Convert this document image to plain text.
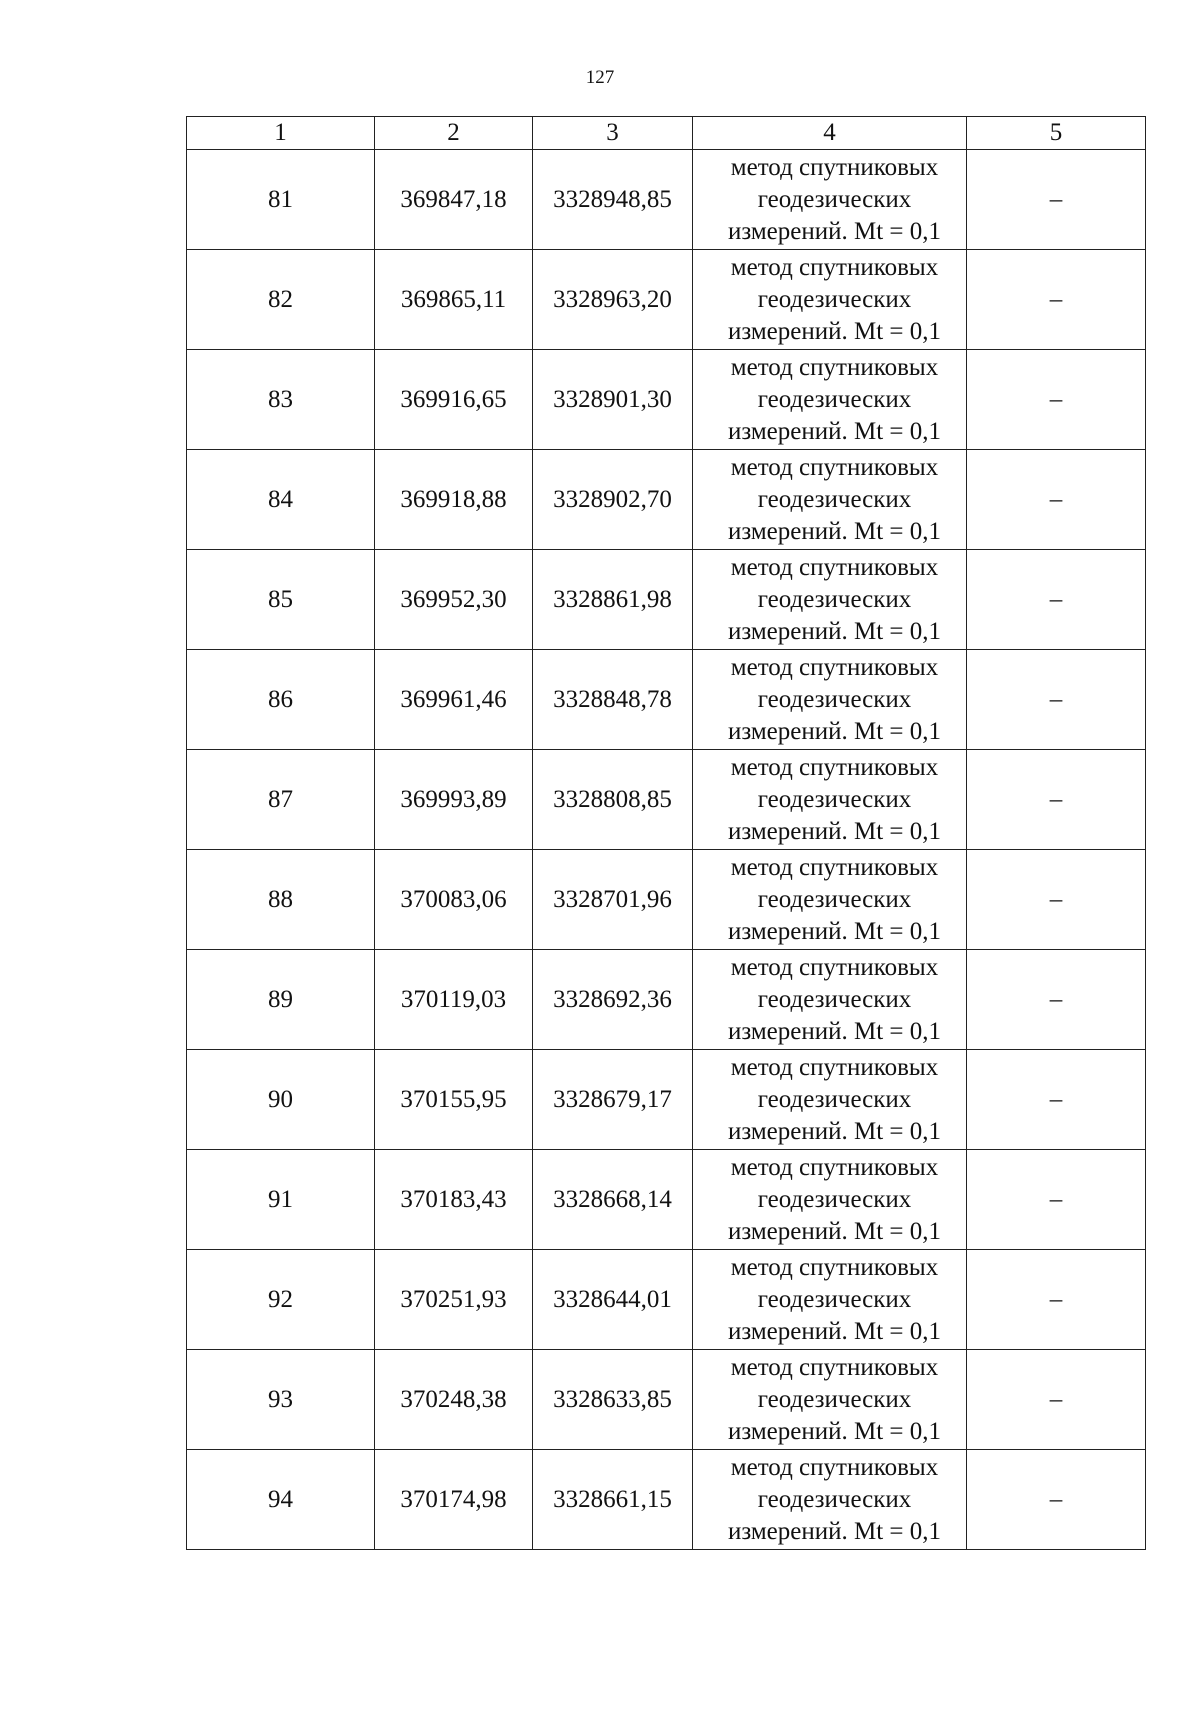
127
1	2	3	4	5
81	369847,18	3328948,85	метод спутниковых
геодезических
измерений. Mt = 0,1	–
82	369865,11	3328963,20	метод спутниковых
геодезических
измерений. Mt = 0,1	–
83	369916,65	3328901,30	метод спутниковых
геодезических
измерений. Mt = 0,1	–
84	369918,88	3328902,70	метод спутниковых
геодезических
измерений. Mt = 0,1	–
85	369952,30	3328861,98	метод спутниковых
геодезических
измерений. Mt = 0,1	–
86	369961,46	3328848,78	метод спутниковых
геодезических
измерений. Mt = 0,1	–
87	369993,89	3328808,85	метод спутниковых
геодезических
измерений. Mt = 0,1	–
88	370083,06	3328701,96	метод спутниковых
геодезических
измерений. Mt = 0,1	–
89	370119,03	3328692,36	метод спутниковых
геодезических
измерений. Mt = 0,1	–
90	370155,95	3328679,17	метод спутниковых
геодезических
измерений. Mt = 0,1	–
91	370183,43	3328668,14	метод спутниковых
геодезических
измерений. Mt = 0,1	–
92	370251,93	3328644,01	метод спутниковых
геодезических
измерений. Mt = 0,1	–
93	370248,38	3328633,85	метод спутниковых
геодезических
измерений. Mt = 0,1	–
94	370174,98	3328661,15	метод спутниковых
геодезических
измерений. Mt = 0,1	–
